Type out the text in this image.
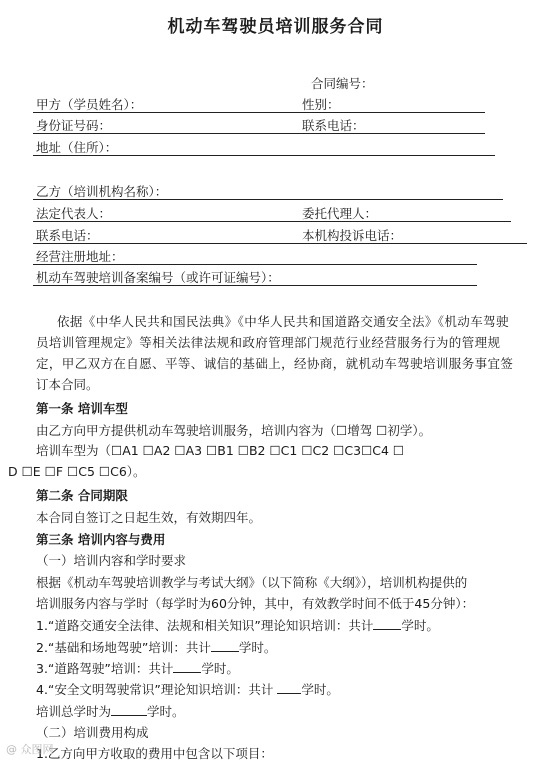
机动车驾驶员培训服务合同
合同编号：
甲方（学员姓名）：	性别：
身份证号码：	联系电话：
地址（住所）：
乙方（培训机构名称）：
法定代表人：	委托代理人：
联系电话：	本机构投诉电话：
经营注册地址：
机动车驾驶培训备案编号（或许可证编号）：
依据《中华人民共和国民法典》《中华人民共和国道路交通安全法》《机动车驾驶
员培训管理规定》等相关法律法规和政府管理部门规范行业经营服务行为的管理规
定，甲乙双方在自愿、平等、诚信的基础上，经协商，就机动车驾驶培训服务事宜签
订本合同。
第一条 培训车型
由乙方向甲方提供机动车驾驶培训服务，培训内容为（☐增驾 ☐初学）。
培训车型为（☐A1 ☐A2 ☐A3 ☐B1 ☐B2 ☐C1 ☐C2 ☐C3☐C4 ☐
D ☐E ☐F ☐C5 ☐C6）。
第二条 合同期限
本合同自签订之日起生效，有效期四年。
第三条 培训内容与费用
（一）培训内容和学时要求
根据《机动车驾驶培训教学与考试大纲》（以下简称《大纲》），培训机构提供的
培训服务内容与学时（每学时为60分钟，其中，有效教学时间不低于45分钟）：
1.“道路交通安全法律、法规和相关知识”理论知识培训：共计 学时。
2.“基础和场地驾驶”培训：共计 学时。
3.“道路驾驶”培训：共计 学时。
4.“安全文明驾驶常识”理论知识培训：共计 学时。
培训总学时为	学时。
（二）培训费用构成
1.乙方向甲方收取的费用中包含以下项目：
@ 众图网
